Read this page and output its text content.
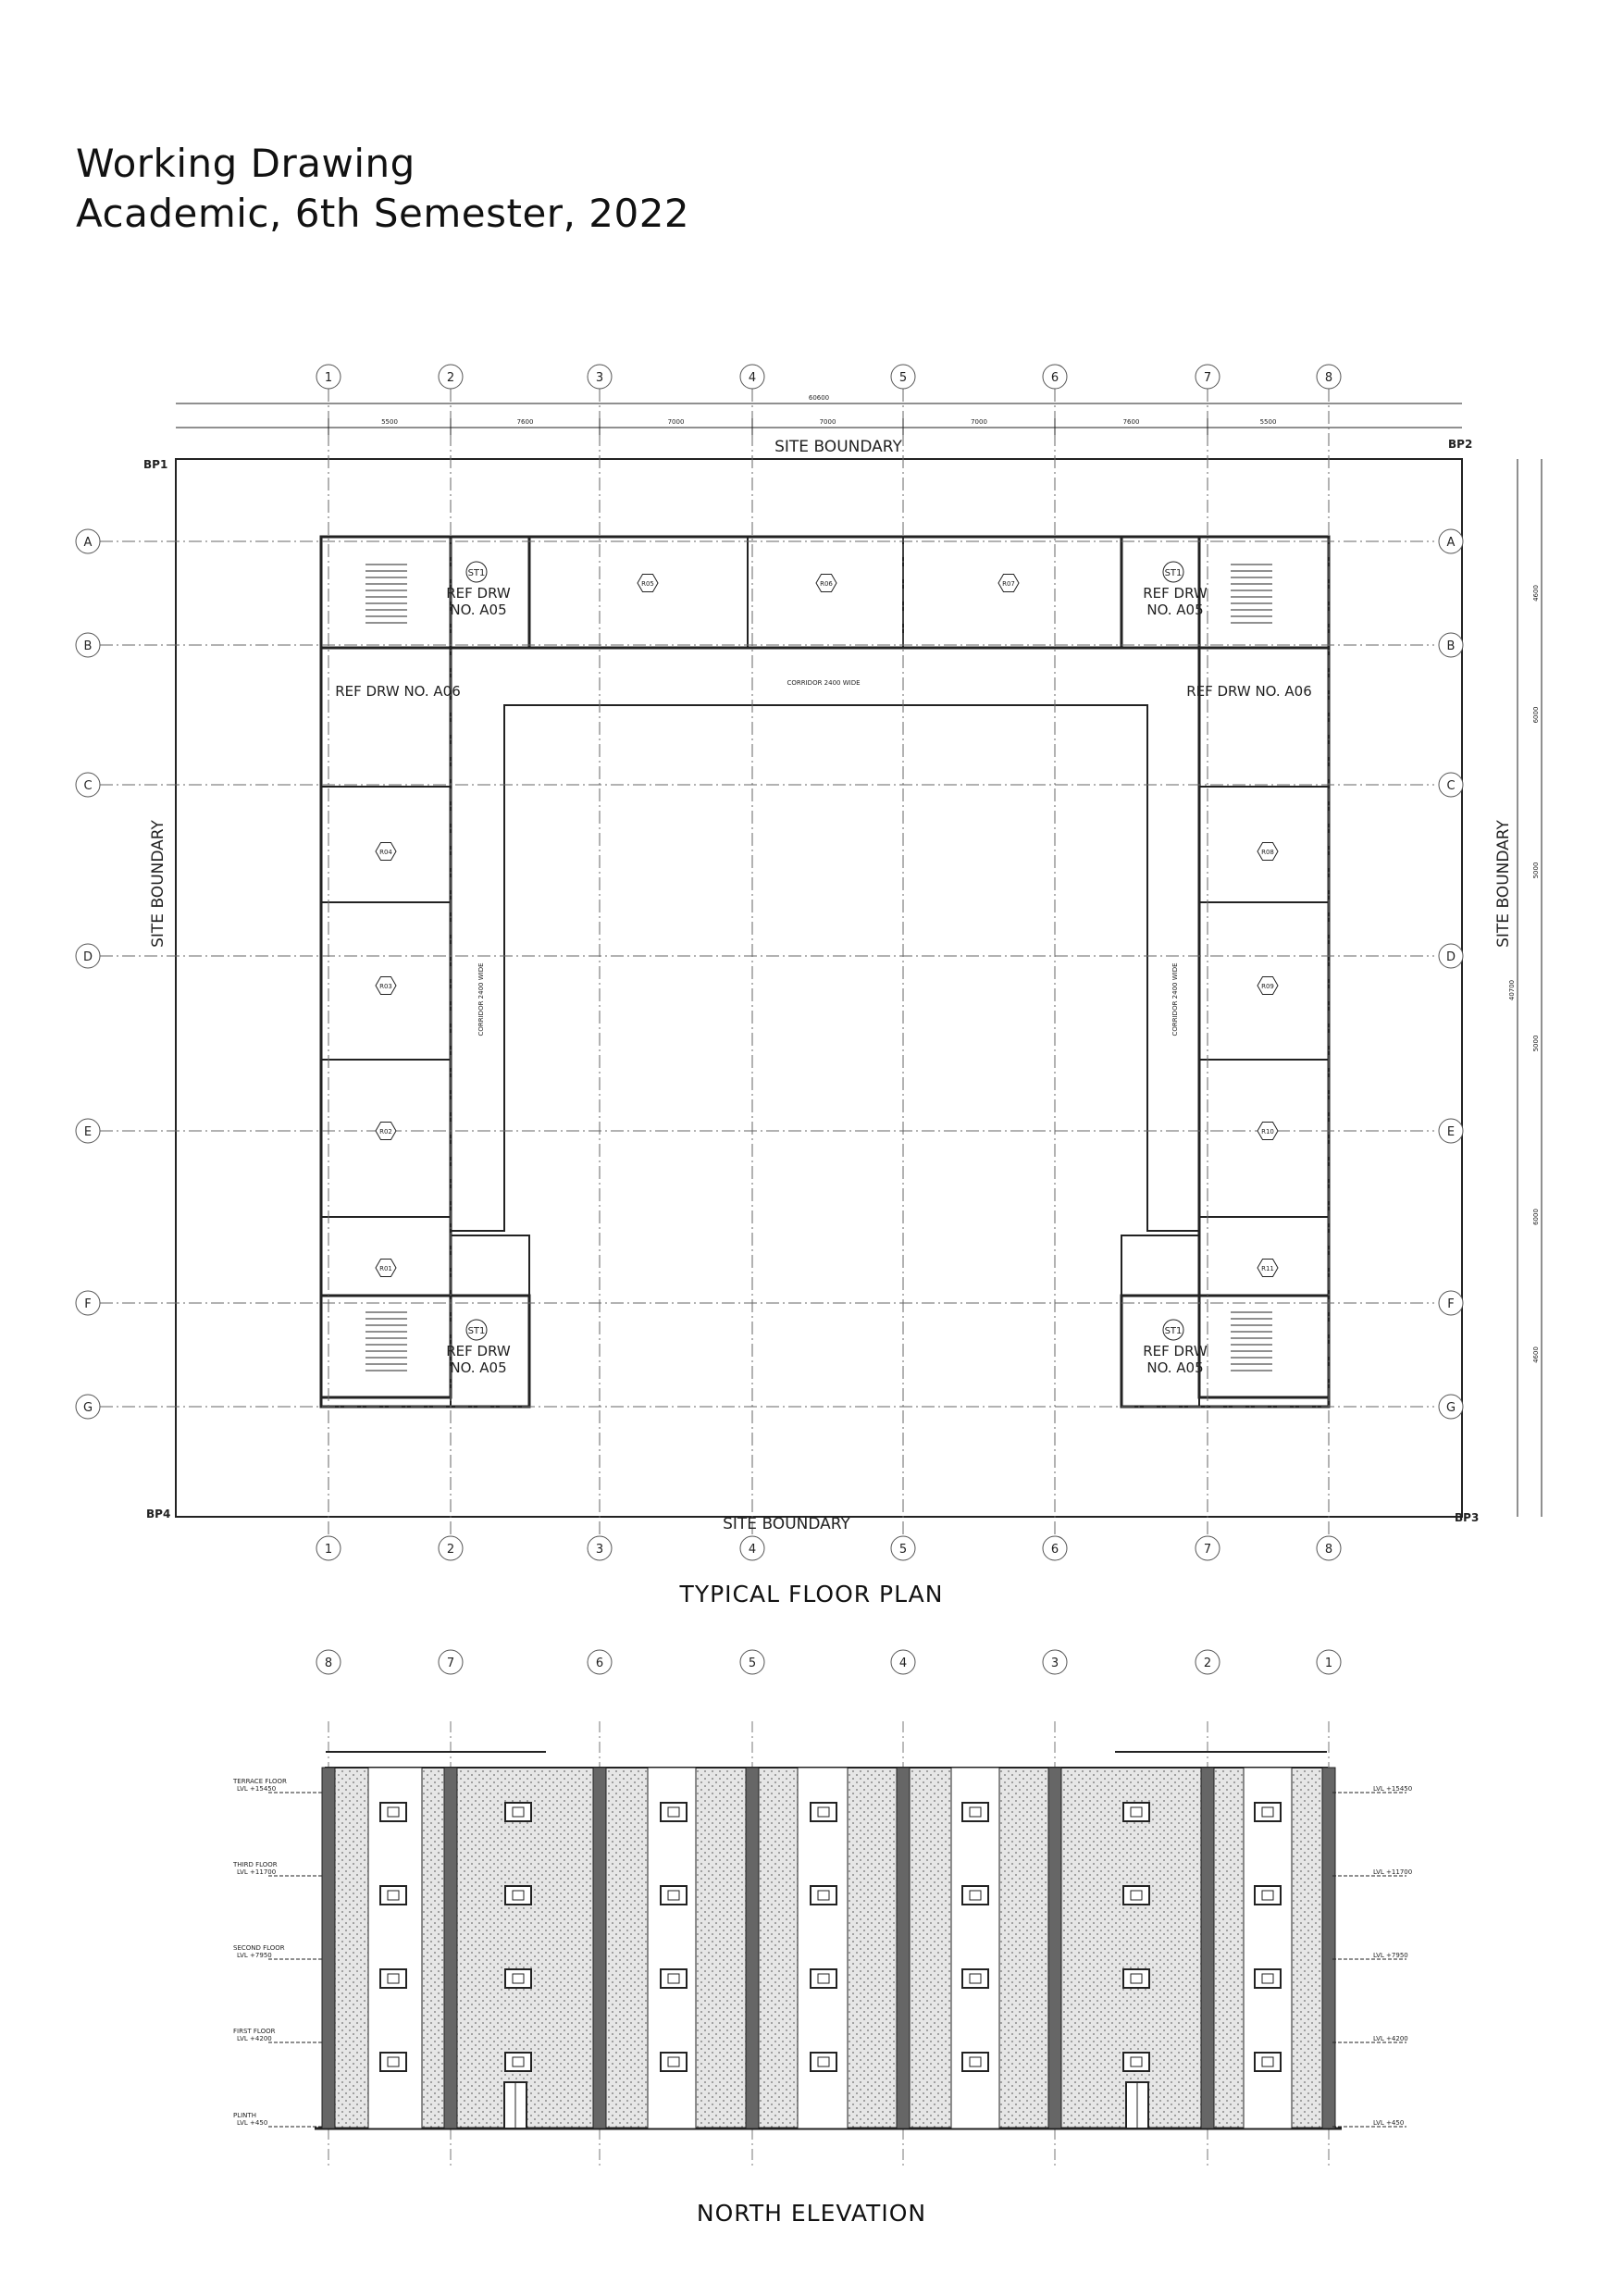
Working Drawing
Academic, 6th Semester, 2022
1
1
2
2
3
3
4
4
5
5
6
6
7
7
8
8
A	A
B	B
C	C
D	D
E	E
F	F
G	G
8	7	6	5	4	3	2	1
SITE BOUNDARY
SITE BOUNDARY
SITE BOUNDARY	SITE BOUNDARY
BP1
BP2
BP3
BP4
60600
40700
CORRIDOR 2400 WIDE
CORRIDOR 2400 WIDE	CORRIDOR 2400 WIDE
R01
R02
R03
R04
R05	R06	R07
R08
R09
R10
R11
ST1
REF DRW
NO. A05
ST1
REF DRW
NO. A05
ST1
REF DRW
NO. A05
ST1
REF DRW
NO. A05
REF DRW NO. A06	REF DRW NO. A06
5500	7600	7000	7000	7000	7600	5500
4600
6000
5000
5000
6000
4600
TERRACE FLOOR
LVL +15450
THIRD FLOOR
LVL +11700
SECOND FLOOR
LVL +7950
FIRST FLOOR
LVL +4200
PLINTH
LVL +450
LVL +15450
LVL +11700
LVL +7950
LVL +4200
LVL +450
TYPICAL FLOOR PLAN
NORTH ELEVATION
